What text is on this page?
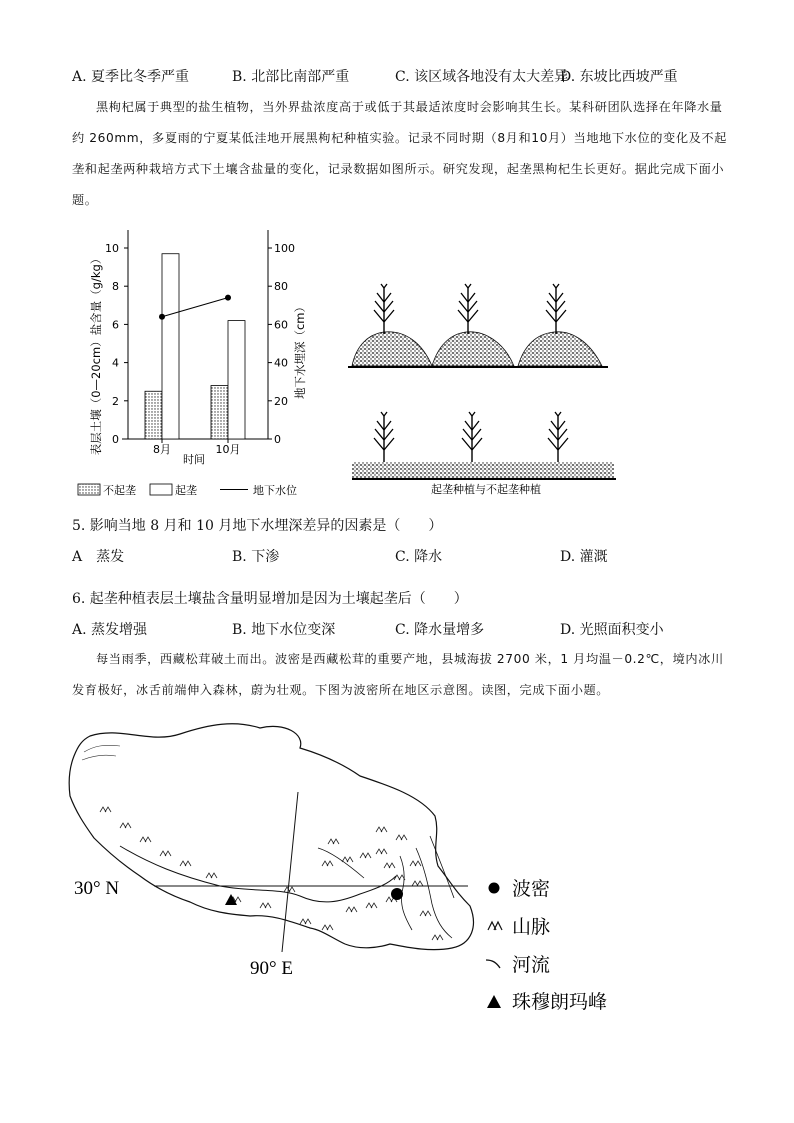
A. 夏季比冬季严重	B. 北部比南部严重	C. 该区域各地没有太大差异
D. 东坡比西坡严重
黑枸杞属于典型的盐生植物，当外界盐浓度高于或低于其最适浓度时会影响其生长。某科研团队选择在年降水量约 260mm，多夏雨的宁夏某低洼地开展黑枸杞种植实验。记录不同时期（8月和10月）当地地下水位的变化及不起垄和起垄两种栽培方式下土壤含盐量的变化，记录数据如图所示。研究发现，起垄黑枸杞生长更好。据此完成下面小题。
0
2
4
6
8
10
0
20
40
60
80
100
8月	10月
表层土壤（0—20cm）盐含量（g/kg）	地下水埋深（cm）
时间
不起垄	起垄	地下水位	起垄种植与不起垄种植
5. 影响当地 8 月和 10 月地下水埋深差异的因素是（　　）
A　蒸发	B. 下渗	C. 降水	D. 灌溉
6. 起垄种植表层土壤盐含量明显增加是因为土壤起垄后（　　）
A. 蒸发增强	B. 地下水位变深	C. 降水量增多	D. 光照面积变小
每当雨季，西藏松茸破土而出。波密是西藏松茸的重要产地，县城海拔 2700 米，1 月均温－0.2℃，境内冰川发育极好，冰舌前端伸入森林，蔚为壮观。下图为波密所在地区示意图。读图，完成下面小题。
30° N
90° E
波密
山脉
河流
珠穆朗玛峰
